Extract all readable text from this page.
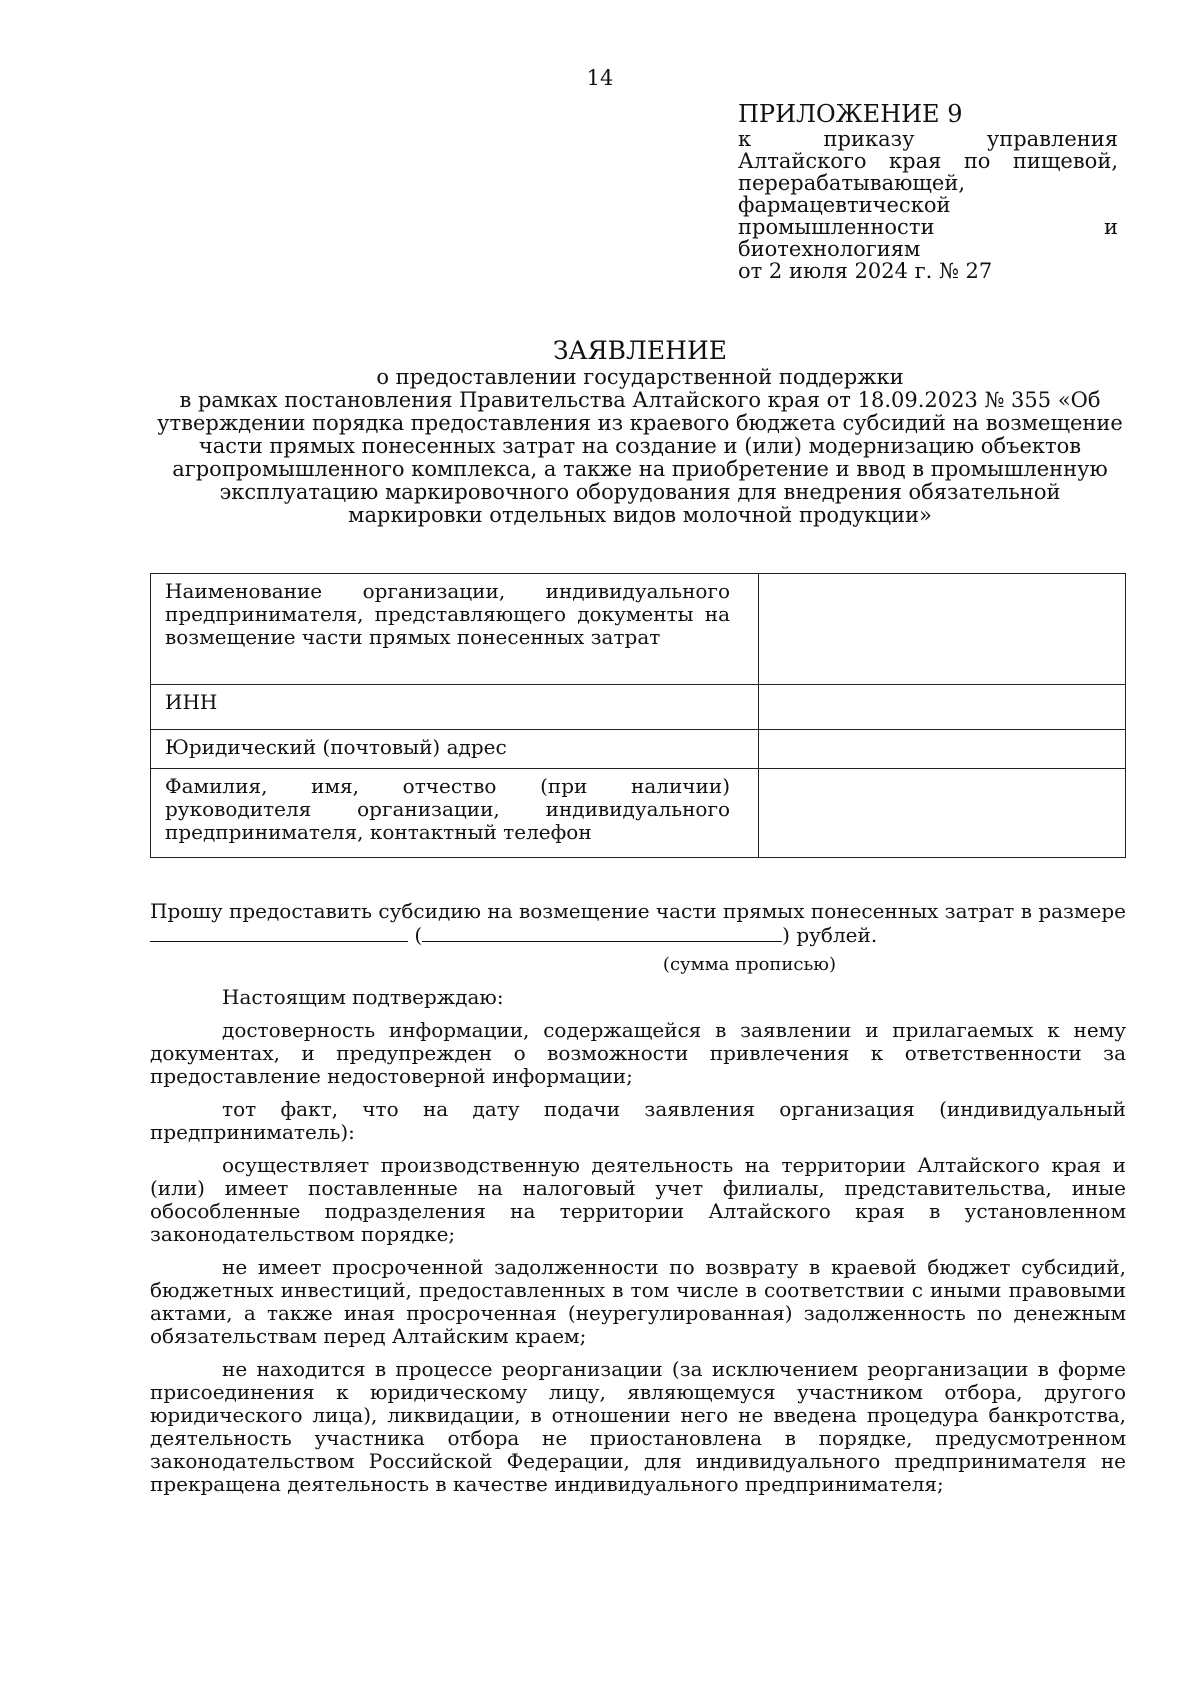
14
ПРИЛОЖЕНИЕ 9
к приказу управления Алтайского края по пищевой, перерабатывающей, фармацевтической промышленности и биотехнологиям
от 2 июля 2024 г. № 27
ЗАЯВЛЕНИЕ
о предоставлении государственной поддержки
в рамках постановления Правительства Алтайского края от 18.09.2023 № 355 «Об утверждении порядка предоставления из краевого бюджета субсидий на возмещение части прямых понесенных затрат на создание и (или) модернизацию объектов агропромышленного комплекса, а также на приобретение и ввод в промышленную эксплуатацию маркировочного оборудования для внедрения обязательной маркировки отдельных видов молочной продукции»
Наименование организации, индивидуального предпринимателя, представляющего документы на возмещение части прямых понесенных затрат	
ИНН	
Юридический (почтовый) адрес	
Фамилия, имя, отчество (при наличии) руководителя организации, индивидуального предпринимателя, контактный телефон	

Прошу предоставить субсидию на возмещение части прямых понесенных затрат в размере  (	) рублей.

(сумма прописью)

Настоящим подтверждаю:

достоверность информации, содержащейся в заявлении и прилагаемых к нему документах, и предупрежден о возможности привлечения к ответственности за предоставление недостоверной информации;

тот факт, что на дату подачи заявления организация (индивидуальный предприниматель):

осуществляет производственную деятельность на территории Алтайского края и (или) имеет поставленные на налоговый учет филиалы, представительства, иные обособленные подразделения на территории Алтайского края в установленном законодательством порядке;

не имеет просроченной задолженности по возврату в краевой бюджет субсидий, бюджетных инвестиций, предоставленных в том числе в соответствии с иными правовыми актами, а также иная просроченная (неурегулированная) задолженность по денежным обязательствам перед Алтайским краем;

не находится в процессе реорганизации (за исключением реорганизации в форме присоединения к юридическому лицу, являющемуся участником отбора, другого юридического лица), ликвидации, в отношении него не введена процедура банкротства, деятельность участника отбора не приостановлена в порядке, предусмотренном законодательством Российской Федерации, для индивидуального предпринимателя не прекращена деятельность в качестве индивидуального предпринимателя;
